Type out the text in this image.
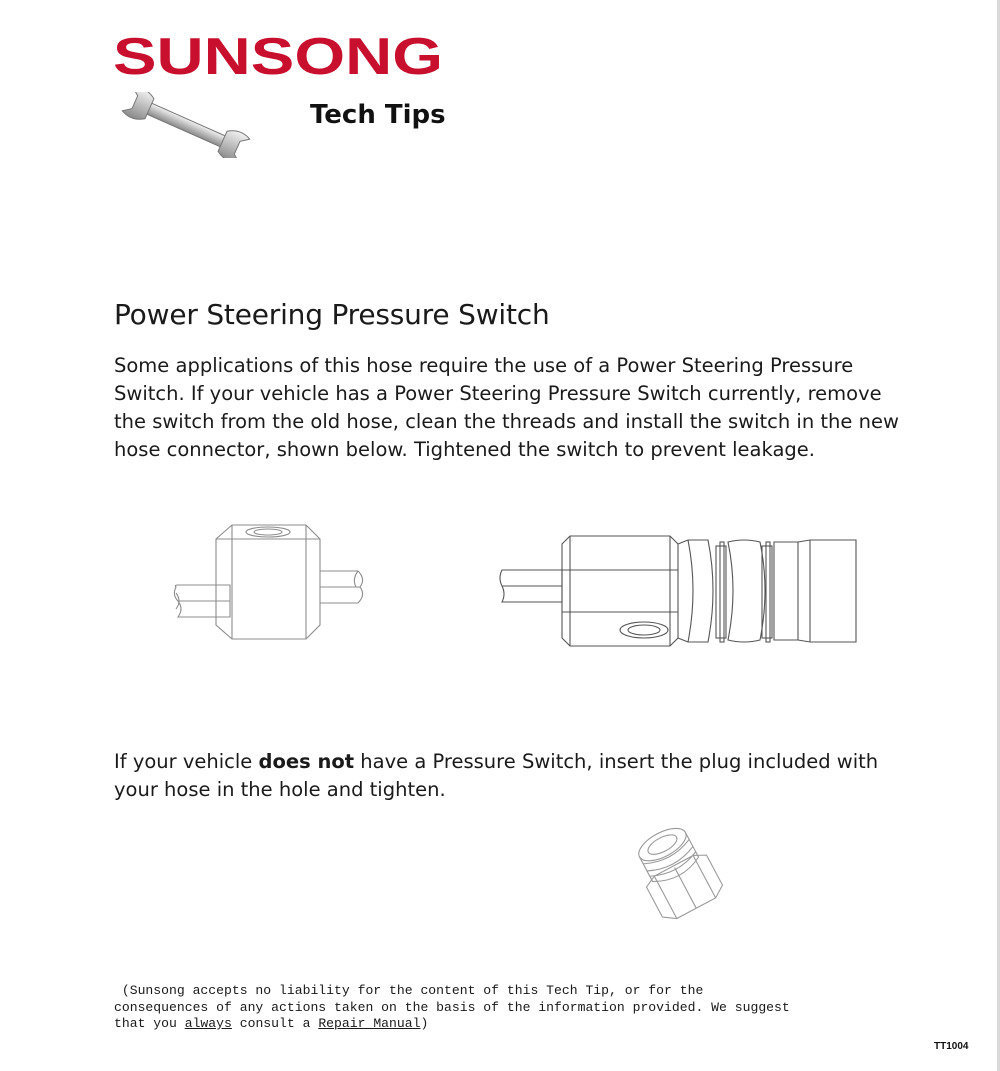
SUNSONG
Tech Tips
Power Steering Pressure Switch
Some applications of this hose require the use of a Power Steering Pressure Switch. If your vehicle has a Power Steering Pressure Switch currently, remove the switch from the old hose, clean the threads and install the switch in the new hose connector, shown below. Tightened the switch to prevent leakage.
If your vehicle does not have a Pressure Switch, insert the plug included with your hose in the hole and tighten.
(Sunsong accepts no liability for the content of this Tech Tip, or for the
consequences of any actions taken on the basis of the information provided. We suggest
that you always consult a Repair Manual)
TT1004
